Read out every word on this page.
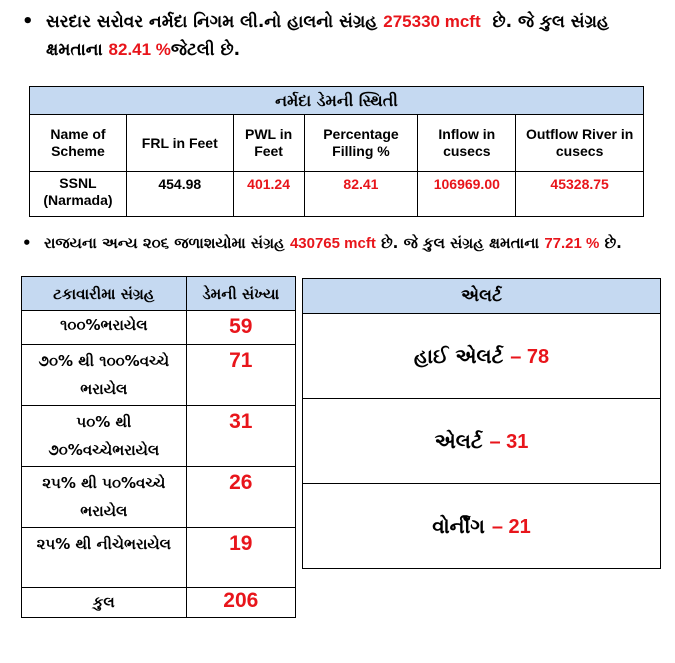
• સરદાર સરોવર નર્મદા નિગમ લી.નો હાલનો સંગ્રહ 275330 mcft  છે. જે કુલ સંગ્રહ ક્ષમતાના 82.41 %જેટલી છે.
નર્મદા ડેમની સ્થિતી					
Name of Scheme	FRL in Feet	PWL in Feet	Percentage Filling %	Inflow in cusecs	Outflow River in cusecs
SSNL (Narmada)	454.98	401.24	82.41	106969.00	45328.75
• રાજયના અન્ય ૨૦૬ જળાશયોમા સંગ્રહ 430765 mcft છે. જે કુલ સંગ્રહ ક્ષમતાના 77.21 % છે.
ટકાવારીમા સંગ્રહ	ડેમની સંખ્યા
૧૦૦%ભરાયેલ	59
૭૦% થી ૧૦૦%વચ્ચે ભરાયેલ	71
૫૦% થી ૭૦%વચ્ચેભરાયેલ	31
૨૫% થી ૫૦%વચ્ચે ભરાયેલ	26
૨૫% થી નીચેભરાયેલ	19
કુલ	206
એલર્ટ
હાઈ એલર્ટ – 78
એલર્ટ – 31
વોર્નીંગ – 21
